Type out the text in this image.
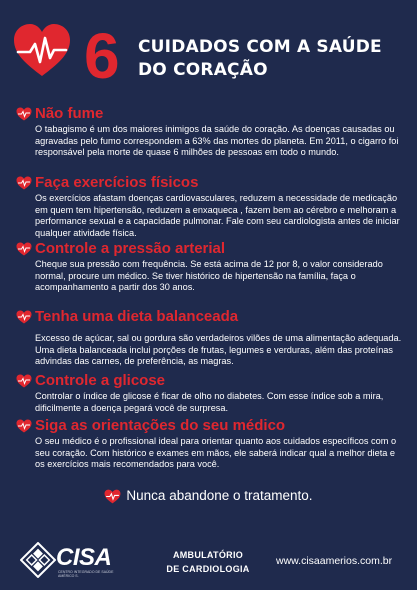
6 CUIDADOS COM A SAÚDE
DO CORAÇÃO
Não fume

O tabagismo é um dos maiores inimigos da saúde do coração. As doenças causadas ou agravadas pelo fumo correspondem a 63% das mortes do planeta. Em 2011, o cigarro foi responsável pela morte de quase 6 milhões de pessoas em todo o mundo.

Faça exercícios físicos

Os exercícios afastam doenças cardiovasculares, reduzem a necessidade de medicação em quem tem hipertensão, reduzem a enxaqueca , fazem bem ao cérebro e melhoram a performance sexual e a capacidade pulmonar. Fale com seu cardiologista antes de iniciar qualquer atividade física.

Controle a pressão arterial

Cheque sua pressão com frequência. Se está acima de 12 por 8, o valor considerado normal, procure um médico. Se tiver histórico de hipertensão na família, faça o acompanhamento a partir dos 30 anos.

Tenha uma dieta balanceada

Excesso de açúcar, sal ou gordura são verdadeiros vilões de uma alimentação adequada. Uma dieta balanceada inclui porções de frutas, legumes e verduras, além das proteínas advindas das carnes, de preferência, as magras.

Controle a glicose

Controlar o índice de glicose é ficar de olho no diabetes. Com esse índice sob a mira, dificilmente a doença pegará você de surpresa.

Siga as orientações do seu médico

O seu médico é o profissional ideal para orientar quanto aos cuidados específicos com o seu coração. Com histórico e exames em mãos, ele saberá indicar qual a melhor dieta e os exercícios mais recomendados para você.

Nunca abandone o tratamento.
CISA
CENTRO INTEGRADO DE SAÚDE AMÉRICO S.
AMBULATÓRIO
DE CARDIOLOGIA
www.cisaamerios.com.br
